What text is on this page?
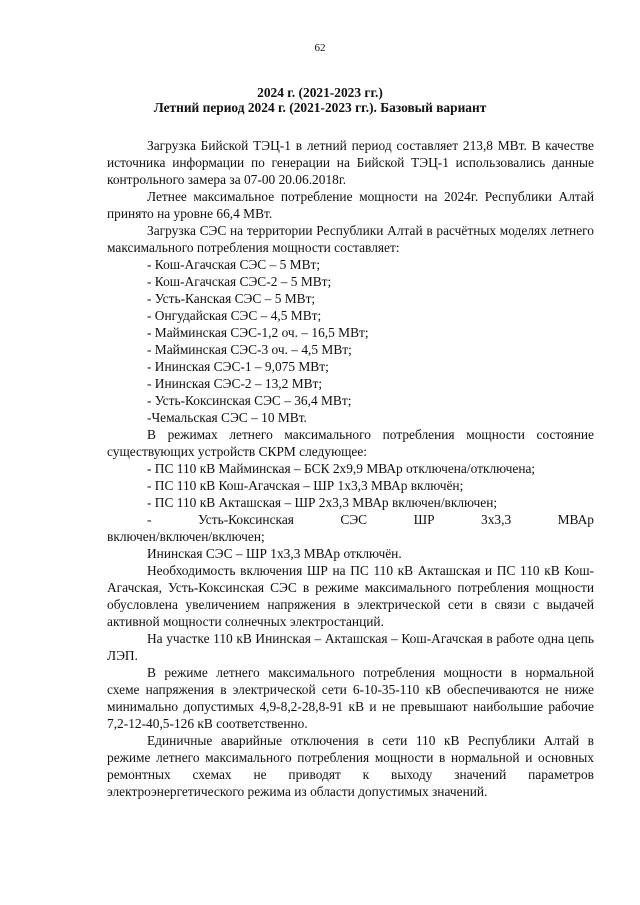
62
2024 г. (2021-2023 гг.)
Летний период 2024 г. (2021-2023 гг.). Базовый вариант

Загрузка Бийской ТЭЦ-1 в летний период составляет 213,8 МВт. В качестве источника информации по генерации на Бийской ТЭЦ-1 использовались данные контрольного замера за 07-00 20.06.2018г.

Летнее максимальное потребление мощности на 2024г. Республики Алтай принято на уровне 66,4 МВт.

Загрузка СЭС на территории Республики Алтай в расчётных моделях летнего максимального потребления мощности составляет:

- Кош-Агачская СЭС – 5 МВт;

- Кош-Агачская СЭС-2 – 5 МВт;

- Усть-Канская СЭС – 5 МВт;

- Онгудайская СЭС – 4,5 МВт;

- Майминская СЭС-1,2 оч. – 16,5 МВт;

- Майминская СЭС-3 оч. – 4,5 МВт;

- Ининская СЭС-1 – 9,075 МВт;

- Ининская СЭС-2 – 13,2 МВт;

- Усть-Коксинская СЭС – 36,4 МВт;

-Чемальская СЭС – 10 МВт.

В режимах летнего максимального потребления мощности состояние существующих устройств СКРМ следующее:

- ПС 110 кВ Майминская – БСК 2х9,9 МВАр отключена/отключена;

- ПС 110 кВ Кош-Агачская – ШР 1х3,3 МВАр включён;

- ПС 110 кВ Акташская – ШР 2х3,3 МВАр включен/включен;

-      Усть-Коксинская      СЭС      ШР      3х3,3      МВАр

включен/включен/включен;

Ининская СЭС – ШР 1х3,3 МВАр отключён.

Необходимость включения ШР на ПС 110 кВ Акташская и ПС 110 кВ Кош-Агачская, Усть-Коксинская СЭС в режиме максимального потребления мощности обусловлена увеличением напряжения в электрической сети в связи с выдачей активной мощности солнечных электростанций.

На участке 110 кВ Ининская – Акташская – Кош-Агачская в работе одна цепь ЛЭП.

В режиме летнего максимального потребления мощности в нормальной схеме напряжения в электрической сети 6-10-35-110 кВ обеспечиваются не ниже минимально допустимых 4,9-8,2-28,8-91 кВ и не превышают наибольшие рабочие 7,2-12-40,5-126 кВ соответственно.

Единичные аварийные отключения в сети 110 кВ Республики Алтай в режиме летнего максимального потребления мощности в нормальной и основных ремонтных схемах не приводят к выходу значений параметров электроэнергетического режима из области допустимых значений.
